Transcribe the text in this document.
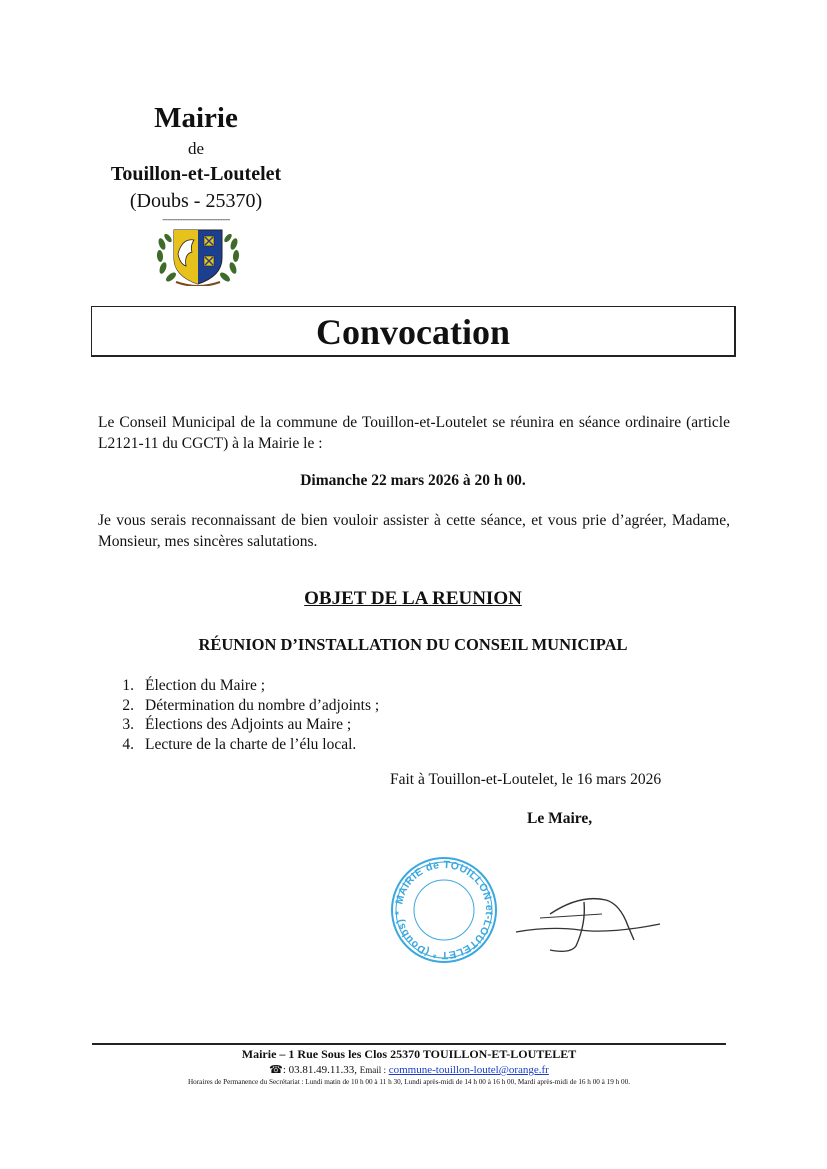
Mairie
de
Touillon-et-Loutelet
(Doubs - 25370)
---------------------------
Convocation
Le Conseil Municipal de la commune de Touillon-et-Loutelet se réunira en séance ordinaire (article L2121-11 du CGCT) à la Mairie le :
Dimanche 22 mars 2026 à 20 h 00.
Je vous serais reconnaissant de bien vouloir assister à cette séance, et vous prie d’agréer, Madame, Monsieur, mes sincères salutations.
OBJET DE LA REUNION
RÉUNION D’INSTALLATION DU CONSEIL MUNICIPAL
1. Élection du Maire ;
2. Détermination du nombre d’adjoints ;
3. Élections des Adjoints au Maire ;
4. Lecture de la charte de l’élu local.
Fait à Touillon-et-Loutelet, le 16 mars 2026
Le Maire,
MAIRIE de TOUILLON-et-LOUTELET * (Doubs) *
Mairie – 1 Rue Sous les Clos 25370 TOUILLON-ET-LOUTELET
☎: 03.81.49.11.33, Email : commune-touillon-loutel@orange.fr
Horaires de Permanence du Secrétariat : Lundi matin de 10 h 00 à 11 h 30, Lundi après-midi de 14 h 00 à 16 h 00, Mardi après-midi de 16 h 00 à 19 h 00.
